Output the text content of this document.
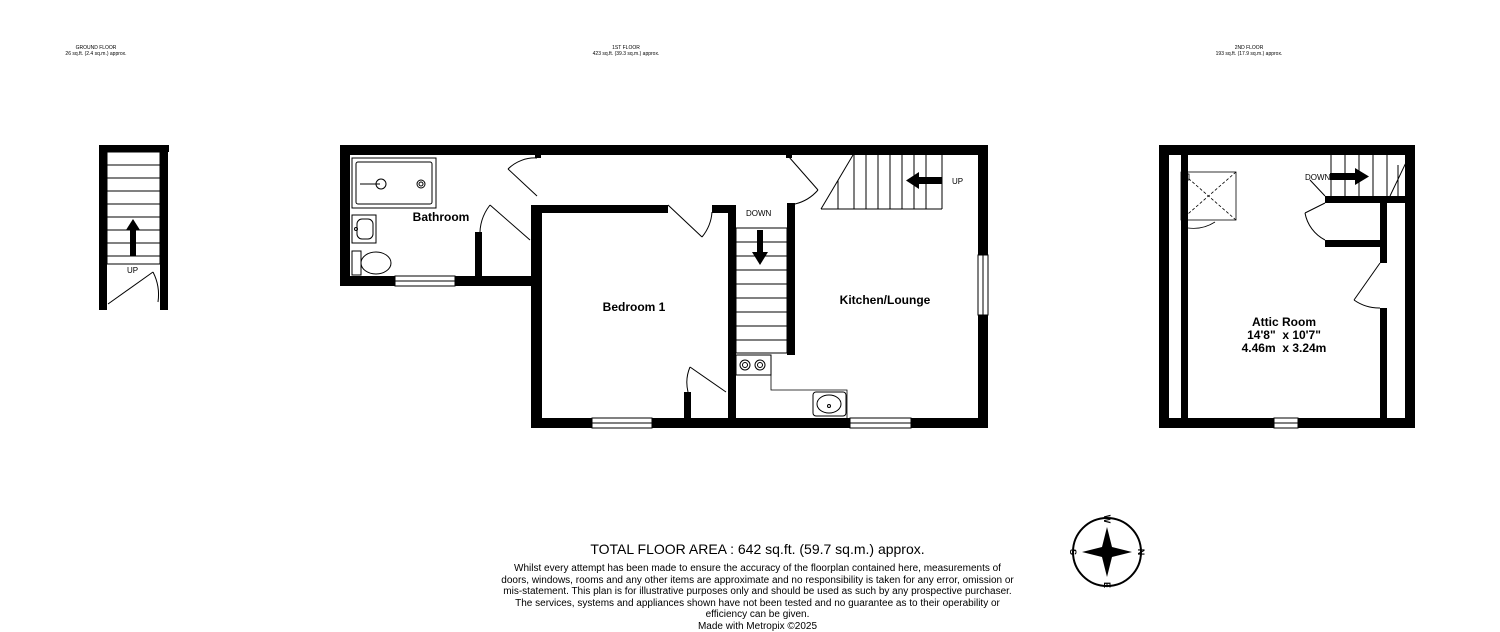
GROUND FLOOR
26 sq.ft. (2.4 sq.m.) approx.
1ST FLOOR
423 sq.ft. (39.3 sq.m.) approx.
2ND FLOOR
193 sq.ft. (17.9 sq.m.) approx.
UP
UP
DOWN
Bathroom
Bedroom 1	Kitchen/Lounge
DOWN
Attic Room
14'8"  x 10'7"
4.46m  x 3.24m
W
N
E
S
TOTAL FLOOR AREA : 642 sq.ft. (59.7 sq.m.) approx.
Whilst every attempt has been made to ensure the accuracy of the floorplan contained here, measurements of doors, windows, rooms and any other items are approximate and no responsibility is taken for any error, omission or mis-statement. This plan is for illustrative purposes only and should be used as such by any prospective purchaser. The services, systems and appliances shown have not been tested and no guarantee as to their operability or efficiency can be given.
Made with Metropix ©2025
